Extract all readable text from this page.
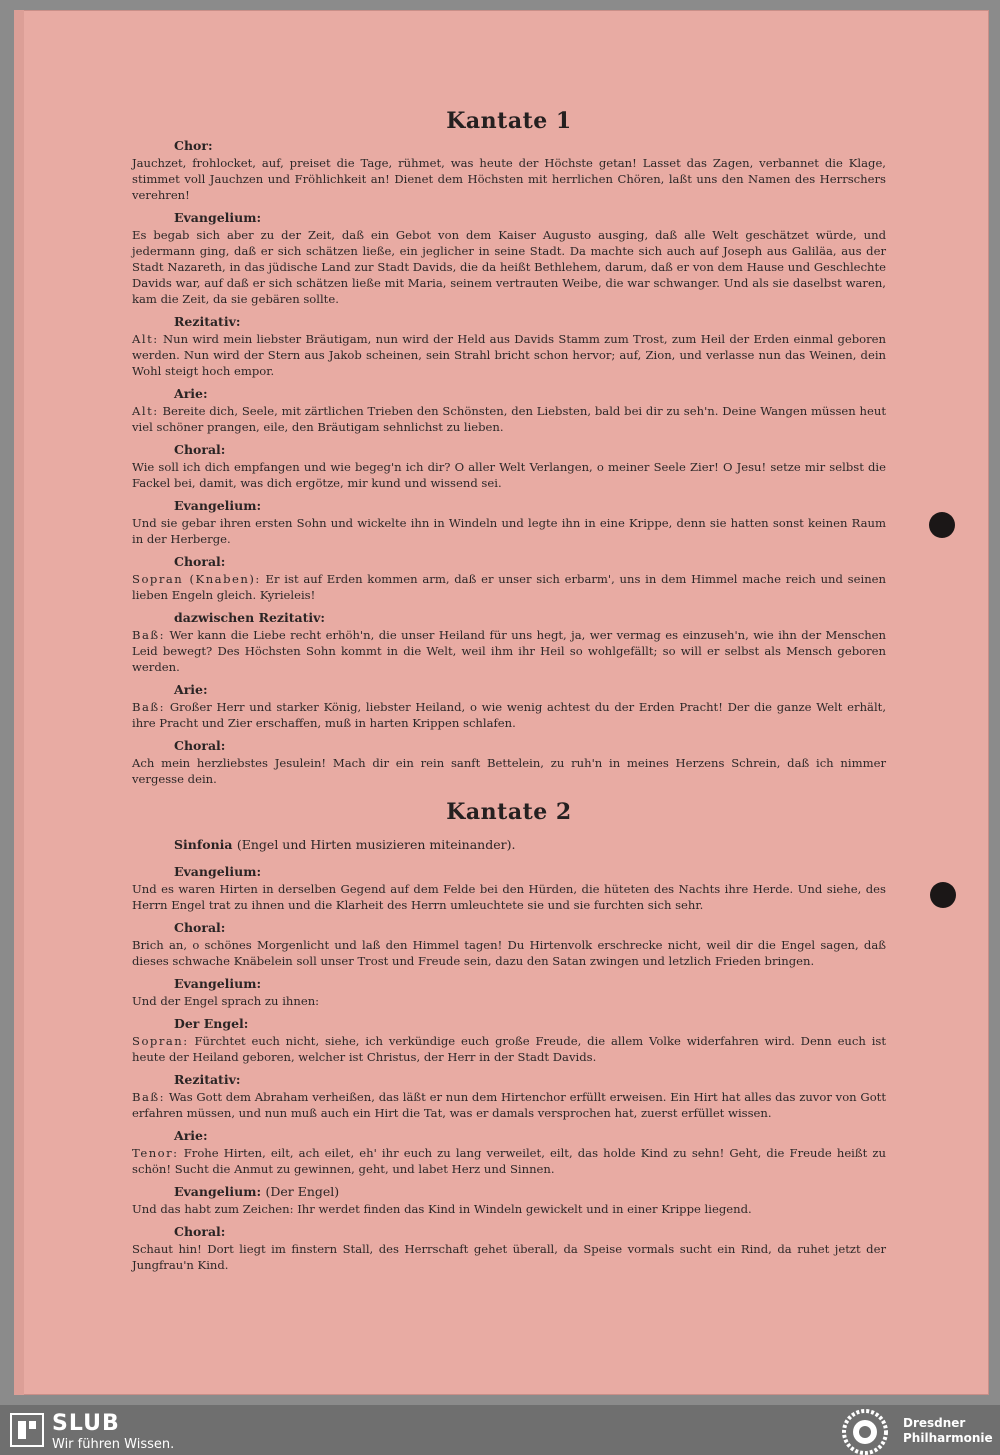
Kantate 1
Chor:

Jauchzet, frohlocket, auf, preiset die Tage, rühmet, was heute der Höchste getan! Lasset das Zagen, verbannet die Klage, stimmet voll Jauchzen und Fröhlichkeit an! Dienet dem Höchsten mit herrlichen Chören, laßt uns den Namen des Herrschers verehren!

Evangelium:

Es begab sich aber zu der Zeit, daß ein Gebot von dem Kaiser Augusto ausging, daß alle Welt geschätzet würde, und jedermann ging, daß er sich schätzen ließe, ein jeglicher in seine Stadt. Da machte sich auch auf Joseph aus Galiläa, aus der Stadt Nazareth, in das jüdische Land zur Stadt Davids, die da heißt Bethlehem, darum, daß er von dem Hause und Geschlechte Davids war, auf daß er sich schätzen ließe mit Maria, seinem vertrauten Weibe, die war schwanger. Und als sie daselbst waren, kam die Zeit, da sie gebären sollte.

Rezitativ:

Alt: Nun wird mein liebster Bräutigam, nun wird der Held aus Davids Stamm zum Trost, zum Heil der Erden einmal geboren werden. Nun wird der Stern aus Jakob scheinen, sein Strahl bricht schon hervor; auf, Zion, und verlasse nun das Weinen, dein Wohl steigt hoch empor.

Arie:

Alt: Bereite dich, Seele, mit zärtlichen Trieben den Schönsten, den Liebsten, bald bei dir zu seh'n. Deine Wangen müssen heut viel schöner prangen, eile, den Bräutigam sehnlichst zu lieben.

Choral:

Wie soll ich dich empfangen und wie begeg'n ich dir? O aller Welt Verlangen, o meiner Seele Zier! O Jesu! setze mir selbst die Fackel bei, damit, was dich ergötze, mir kund und wissend sei.

Evangelium:

Und sie gebar ihren ersten Sohn und wickelte ihn in Windeln und legte ihn in eine Krippe, denn sie hatten sonst keinen Raum in der Herberge.

Choral:

Sopran (Knaben): Er ist auf Erden kommen arm, daß er unser sich erbarm', uns in dem Himmel mache reich und seinen lieben Engeln gleich. Kyrieleis!

dazwischen Rezitativ:

Baß: Wer kann die Liebe recht erhöh'n, die unser Heiland für uns hegt, ja, wer vermag es einzuseh'n, wie ihn der Menschen Leid bewegt? Des Höchsten Sohn kommt in die Welt, weil ihm ihr Heil so wohlgefällt; so will er selbst als Mensch geboren werden.

Arie:

Baß: Großer Herr und starker König, liebster Heiland, o wie wenig achtest du der Erden Pracht! Der die ganze Welt erhält, ihre Pracht und Zier erschaffen, muß in harten Krippen schlafen.

Choral:

Ach mein herzliebstes Jesulein! Mach dir ein rein sanft Bettelein, zu ruh'n in meines Herzens Schrein, daß ich nimmer vergesse dein.

Kantate 2
Sinfonia (Engel und Hirten musizieren miteinander).
Evangelium:

Und es waren Hirten in derselben Gegend auf dem Felde bei den Hürden, die hüteten des Nachts ihre Herde. Und siehe, des Herrn Engel trat zu ihnen und die Klarheit des Herrn umleuchtete sie und sie furchten sich sehr.

Choral:

Brich an, o schönes Morgenlicht und laß den Himmel tagen! Du Hirtenvolk erschrecke nicht, weil dir die Engel sagen, daß dieses schwache Knäbelein soll unser Trost und Freude sein, dazu den Satan zwingen und letzlich Frieden bringen.

Evangelium:

Und der Engel sprach zu ihnen:

Der Engel:

Sopran: Fürchtet euch nicht, siehe, ich verkündige euch große Freude, die allem Volke widerfahren wird. Denn euch ist heute der Heiland geboren, welcher ist Christus, der Herr in der Stadt Davids.

Rezitativ:

Baß: Was Gott dem Abraham verheißen, das läßt er nun dem Hirtenchor erfüllt erweisen. Ein Hirt hat alles das zuvor von Gott erfahren müssen, und nun muß auch ein Hirt die Tat, was er damals versprochen hat, zuerst erfüllet wissen.

Arie:

Tenor: Frohe Hirten, eilt, ach eilet, eh' ihr euch zu lang verweilet, eilt, das holde Kind zu sehn! Geht, die Freude heißt zu schön! Sucht die Anmut zu gewinnen, geht, und labet Herz und Sinnen.

Evangelium: (Der Engel)

Und das habt zum Zeichen: Ihr werdet finden das Kind in Windeln gewickelt und in einer Krippe liegend.

Choral:

Schaut hin! Dort liegt im finstern Stall, des Herrschaft gehet überall, da Speise vormals sucht ein Rind, da ruhet jetzt der Jungfrau'n Kind.

SLUB
Wir führen Wissen.
Dresdner
Philharmonie
